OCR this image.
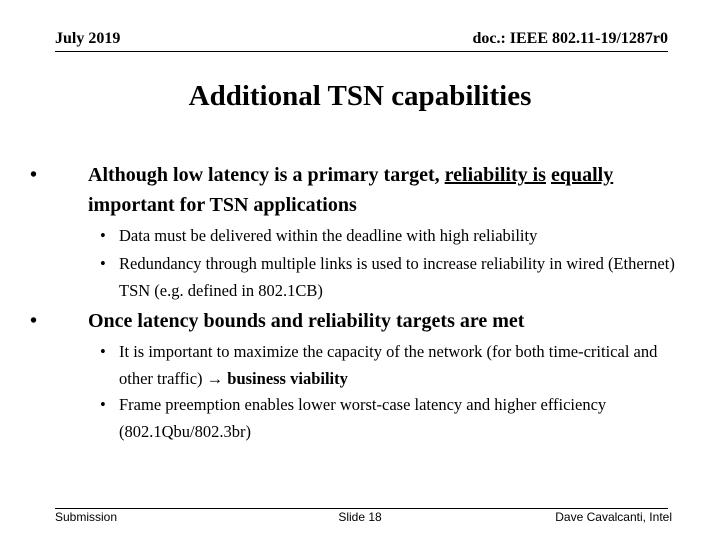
July 2019	doc.: IEEE 802.11-19/1287r0
Additional TSN capabilities
•	Although low latency is a primary target, reliability is equally important for TSN applications
• Data must be delivered within the deadline with high reliability
• Redundancy through multiple links is used to increase reliability in wired (Ethernet) TSN (e.g. defined in 802.1CB)
•	Once latency bounds and reliability targets are met
• It is important to maximize the capacity of the network (for both time-critical and other traffic) → business viability
• Frame preemption enables lower worst-case latency and higher efficiency (802.1Qbu/802.3br)
Submission	Slide 18	Dave Cavalcanti, Intel
